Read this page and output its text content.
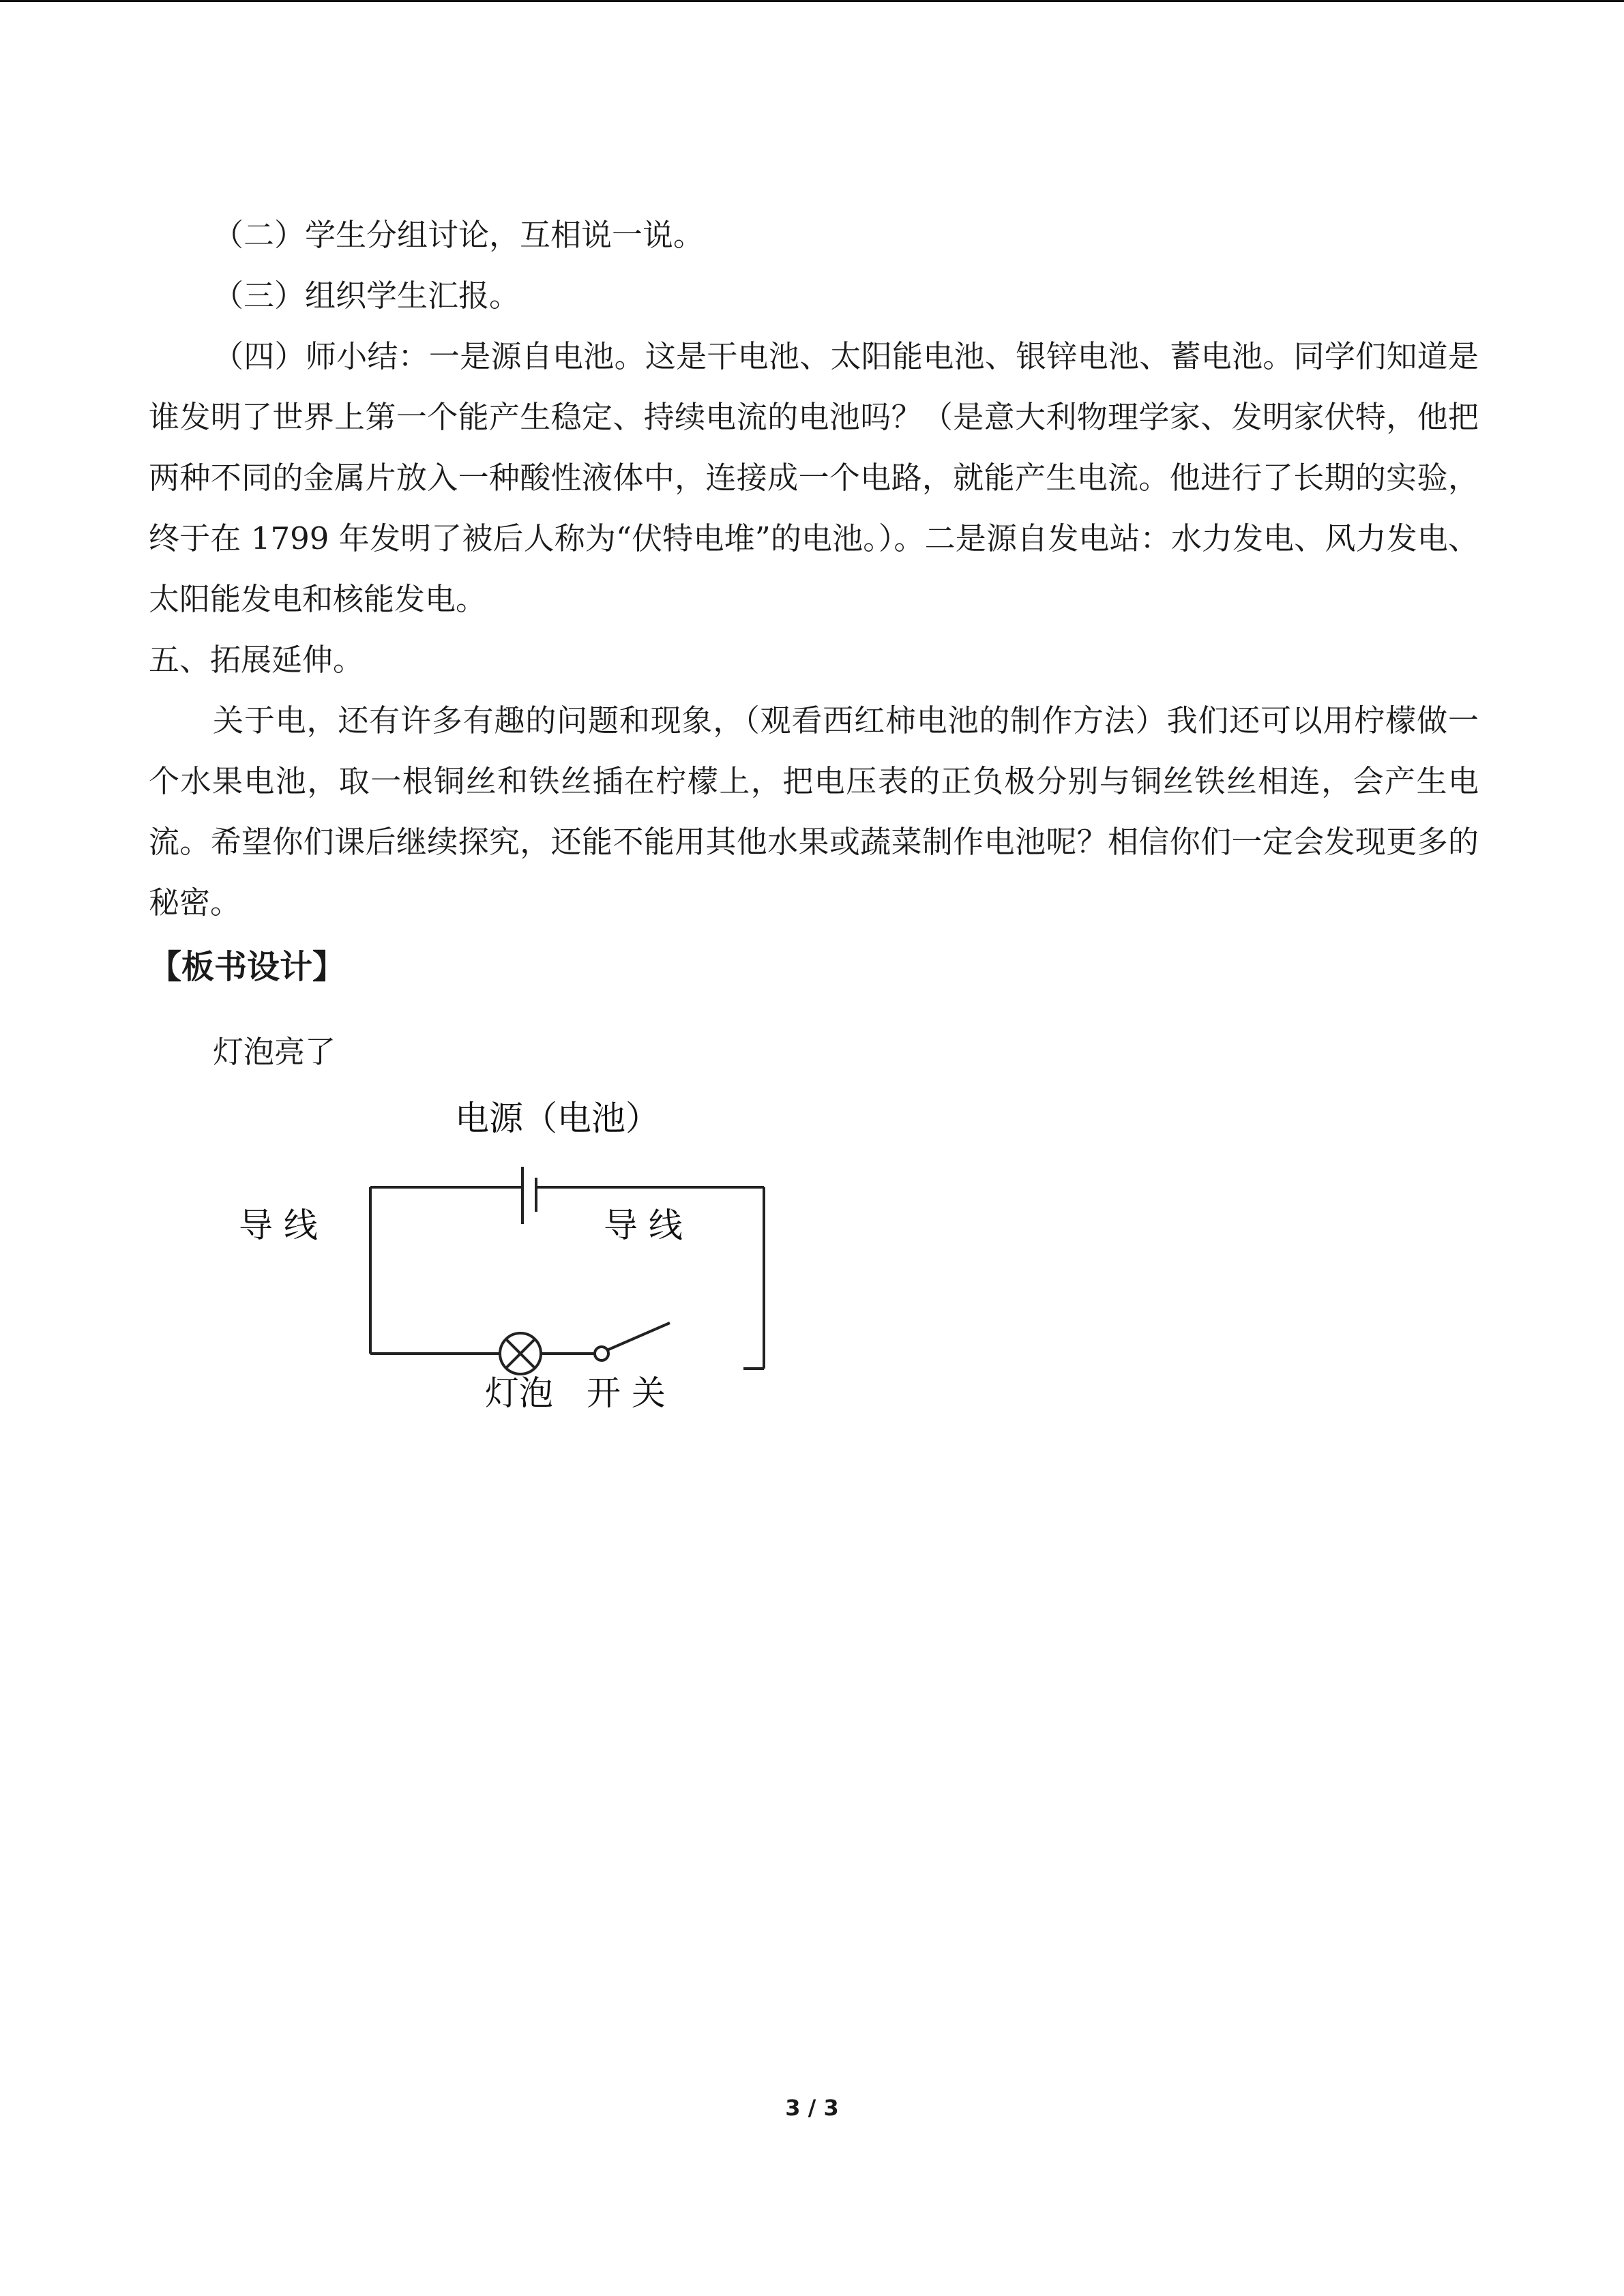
（二）学生分组讨论，互相说一说。

（三）组织学生汇报。

（四）师小结：一是源自电池。这是干电池、太阳能电池、银锌电池、蓄电池。同学们知道是谁发明了世界上第一个能产生稳定、持续电流的电池吗？（是意大利物理学家、发明家伏特，他把两种不同的金属片放入一种酸性液体中，连接成一个电路，就能产生电流。他进行了长期的实验，终于在 1799 年发明了被后人称为“伏特电堆”的电池。）。二是源自发电站：水力发电、风力发电、太阳能发电和核能发电。

五、拓展延伸。

关于电，还有许多有趣的问题和现象，（观看西红柿电池的制作方法）我们还可以用柠檬做一个水果电池，取一根铜丝和铁丝插在柠檬上，把电压表的正负极分别与铜丝铁丝相连，会产生电流。希望你们课后继续探究，还能不能用其他水果或蔬菜制作电池呢？相信你们一定会发现更多的秘密。

【板书设计】

灯泡亮了

电源（电池）
导 线	导 线
灯泡 开 关
3 / 3
